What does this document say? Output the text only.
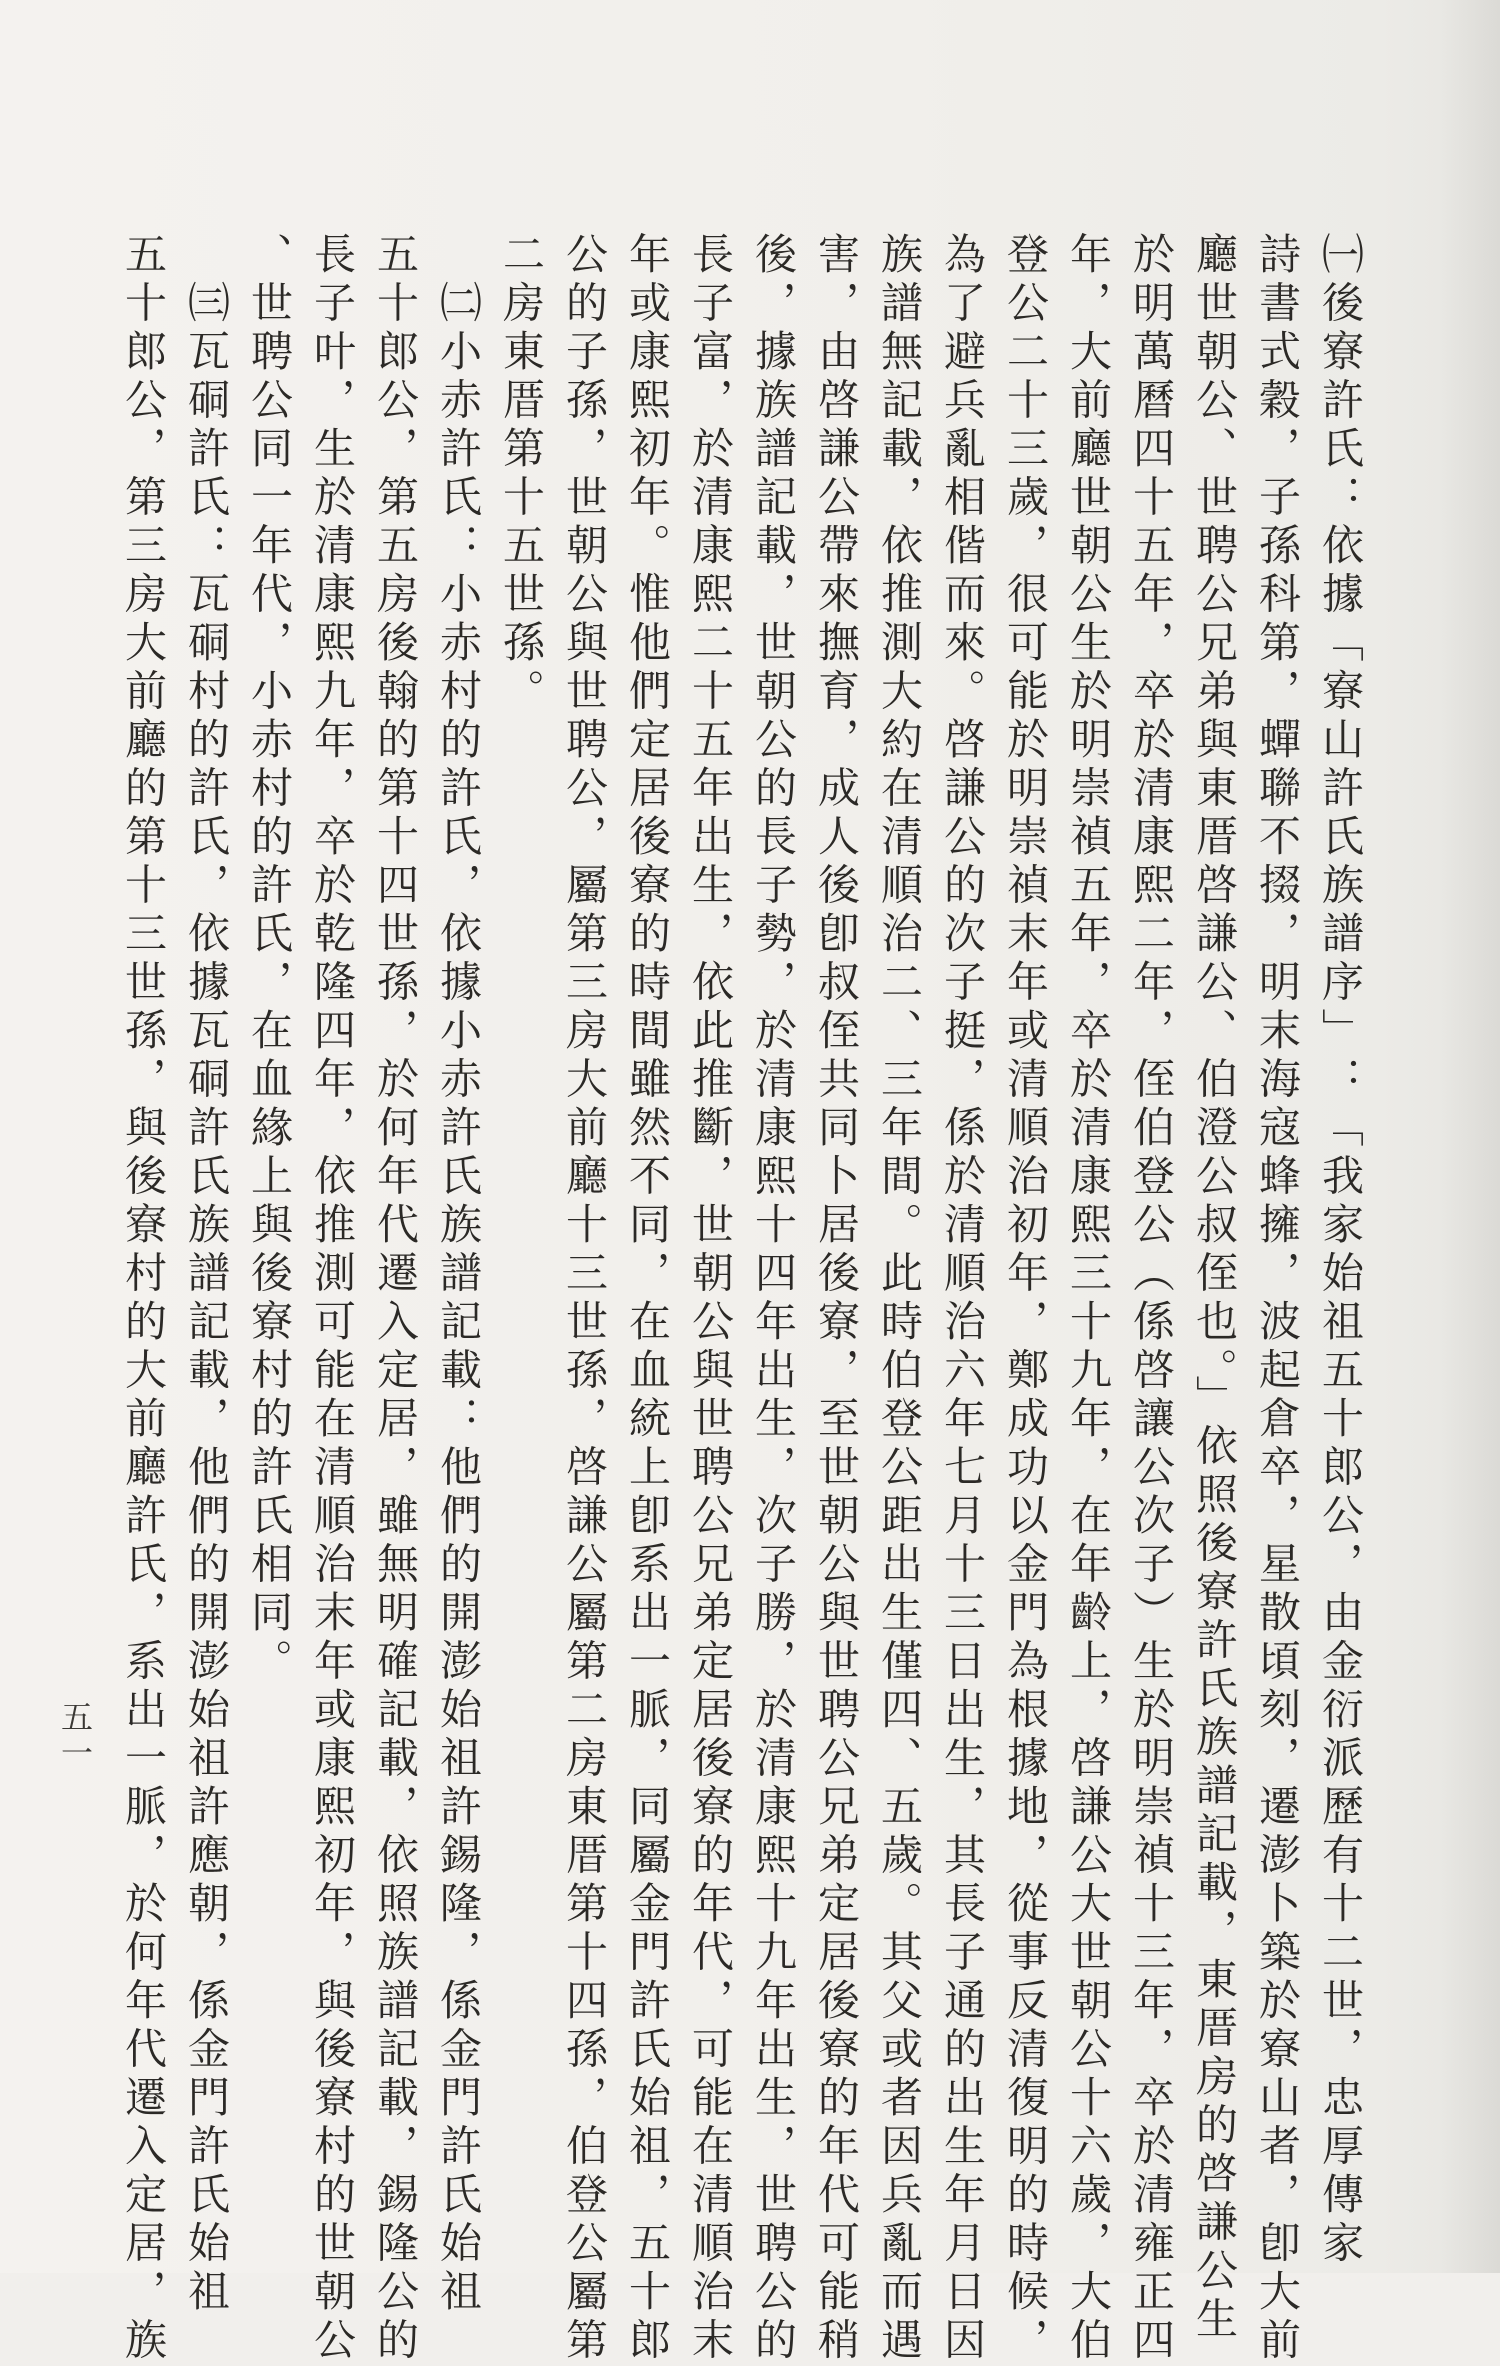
㈠後寮許氏：依據「寮山許氏族譜序」：「我家始祖五十郎公，由金衍派歷有十二世，忠厚傳家
詩書式穀，子孫科第，蟬聯不掇，明末海寇蜂擁，波起倉卒，星散頃刻，遷澎卜築於寮山者，卽大前
廳世朝公、世聘公兄弟與東厝啓謙公、伯澄公叔侄也。」依照後寮許氏族譜記載，東厝房的啓謙公生
於明萬曆四十五年，卒於清康熙二年，侄伯登公（係啓讓公次子）生於明崇禎十三年，卒於清雍正四
年，大前廳世朝公生於明崇禎五年，卒於清康熙三十九年，在年齡上，啓謙公大世朝公十六歲，大伯
登公二十三歲，很可能於明崇禎末年或清順治初年，鄭成功以金門為根據地，從事反清復明的時候，
為了避兵亂相偕而來。啓謙公的次子挺，係於清順治六年七月十三日出生，其長子通的出生年月日因
族譜無記載，依推測大約在清順治二、三年間。此時伯登公距出生僅四、五歲。其父或者因兵亂而遇
害，由啓謙公帶來撫育，成人後卽叔侄共同卜居後寮，至世朝公與世聘公兄弟定居後寮的年代可能稍
後，據族譜記載，世朝公的長子勢，於清康熙十四年出生，次子勝，於清康熙十九年出生，世聘公的
長子富，於清康熙二十五年出生，依此推斷，世朝公與世聘公兄弟定居後寮的年代，可能在清順治末
年或康熙初年。惟他們定居後寮的時間雖然不同，在血統上卽系出一脈，同屬金門許氏始祖，五十郎
公的子孫，世朝公與世聘公，屬第三房大前廳十三世孫，啓謙公屬第二房東厝第十四孫，伯登公屬第
二房東厝第十五世孫。
　㈡小赤許氏：小赤村的許氏，依據小赤許氏族譜記載：他們的開澎始祖許錫隆，係金門許氏始祖
五十郎公，第五房後翰的第十四世孫，於何年代遷入定居，雖無明確記載，依照族譜記載，錫隆公的
長子叶，生於清康熙九年，卒於乾隆四年，依推測可能在清順治末年或康熙初年，與後寮村的世朝公
、世聘公同一年代，小赤村的許氏，在血緣上與後寮村的許氏相同。
　㈢瓦硐許氏：瓦硐村的許氏，依據瓦硐許氏族譜記載，他們的開澎始祖許應朝，係金門許氏始祖
五十郎公，第三房大前廳的第十三世孫，與後寮村的大前廳許氏，系出一脈，於何年代遷入定居，族
五一
